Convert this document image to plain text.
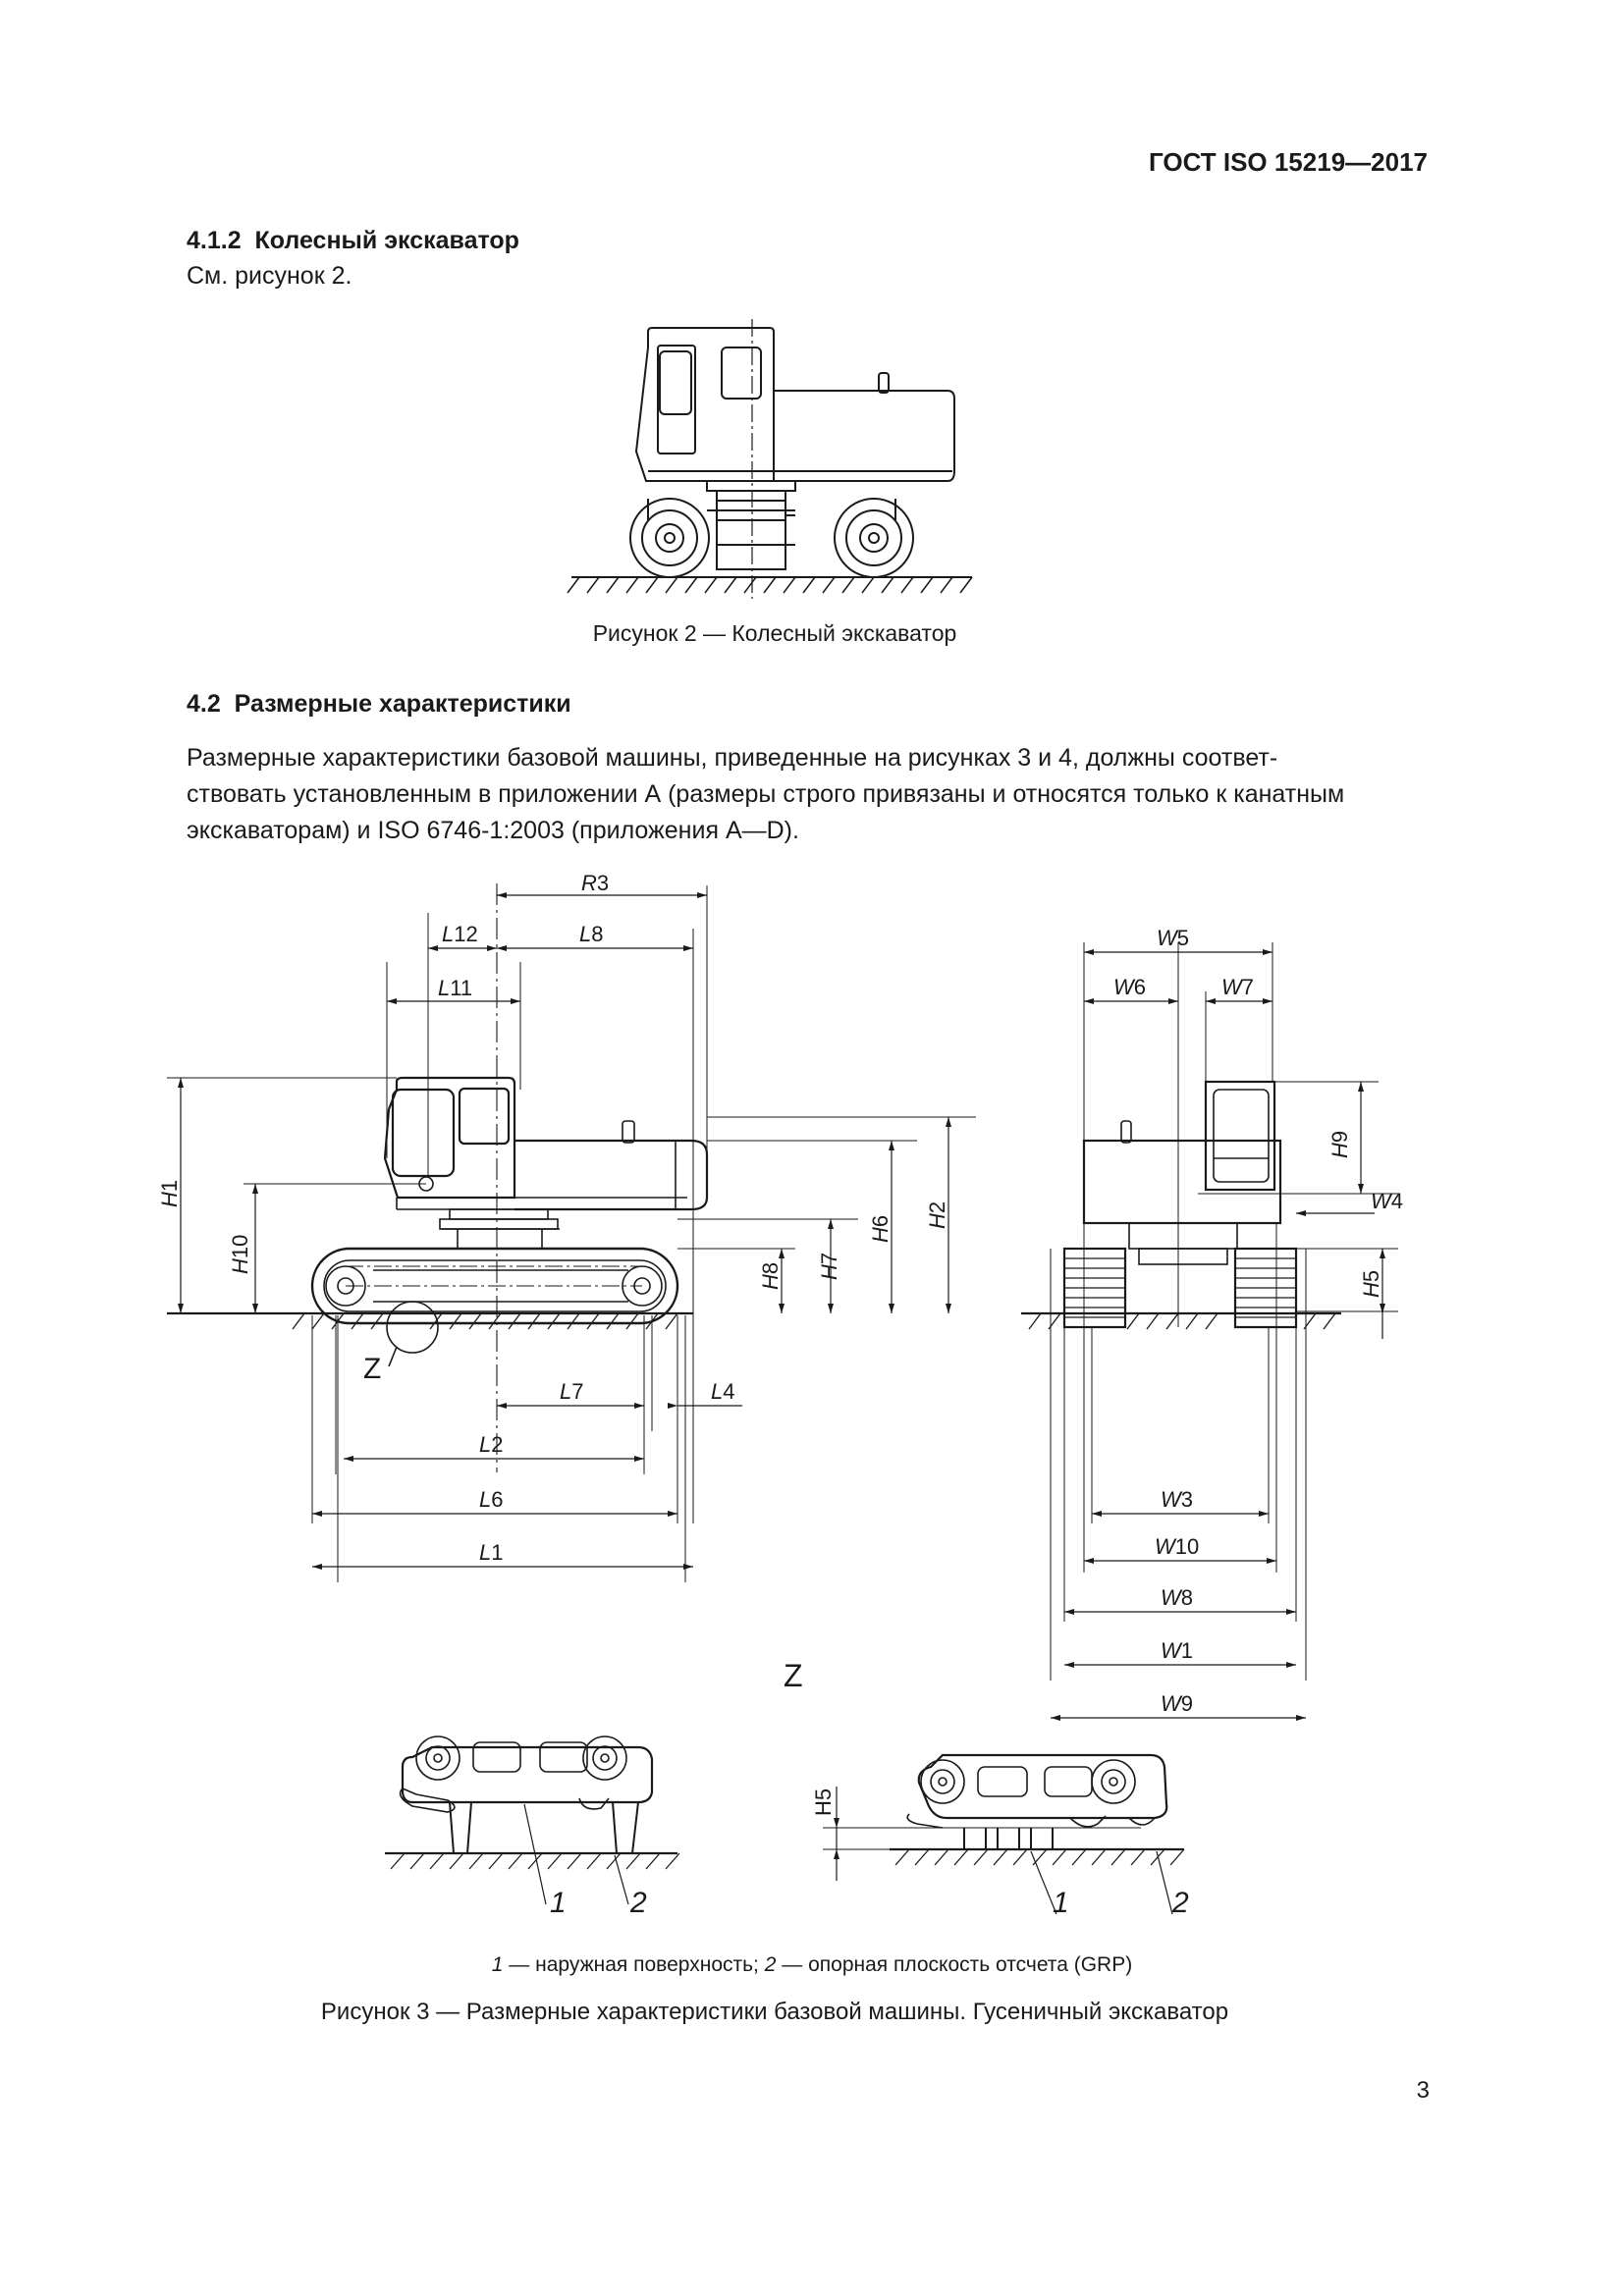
ГОСТ ISO 15219—2017
4.1.2 Колесный экскаватор
См. рисунок 2.
Рисунок 2 — Колесный экскаватор
4.2 Размерные характеристики
Размерные характеристики базовой машины, приведенные на рисунках 3 и 4, должны соответ-
ствовать установленным в приложении А (размеры строго привязаны и относятся только к канатным
экскаваторам) и ISO 6746-1:2003 (приложения A—D).
R3
L12	L8
L11
H1
H10
H2
H6
H7
H8
L7	L4
L2
L6
L1
Z
W5
W6	W7
H9
W4
H5
W3
W10
W8
W1
W9
Z
1 2
H5
1	2
1 — наружная поверхность; 2 — опорная плоскость отсчета (GRP)
Рисунок 3 — Размерные характеристики базовой машины. Гусеничный экскаватор
3
